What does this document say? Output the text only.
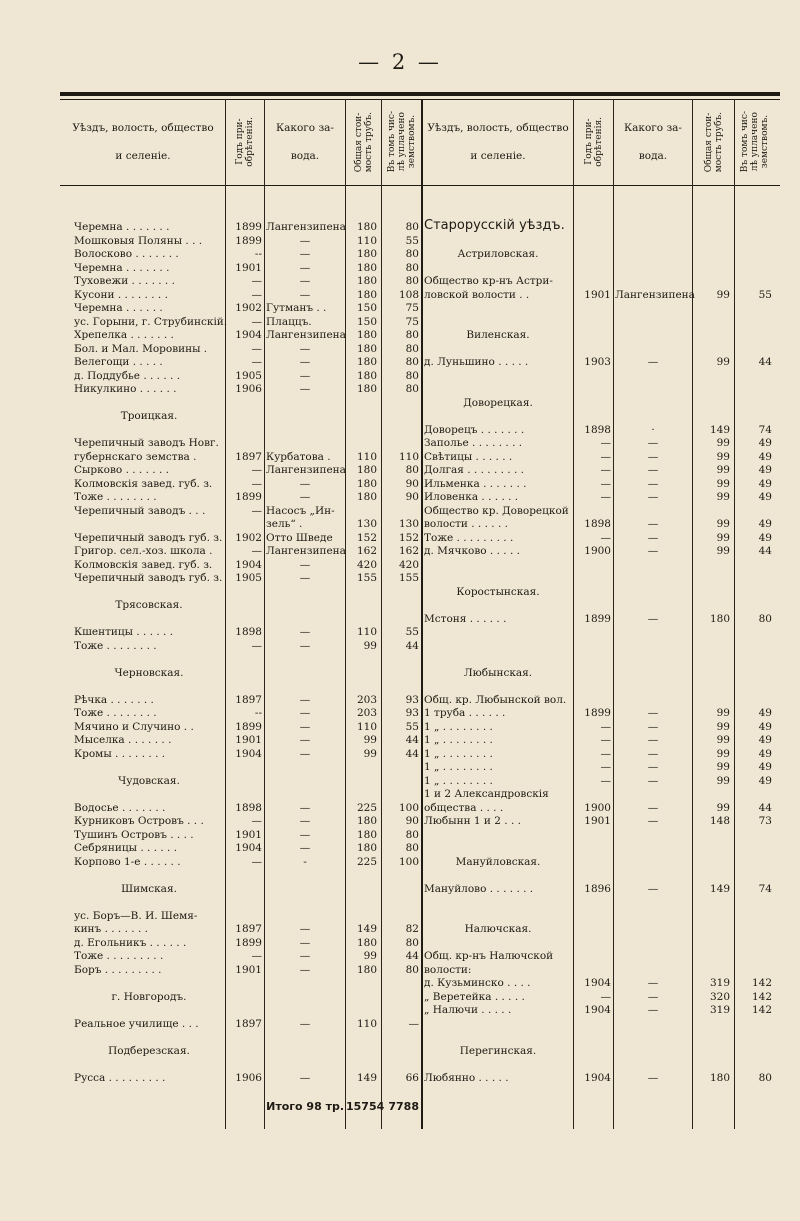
— 2 —
Уѣздъ, волость, общество

и селеніе.	Годъ при-
обрѣтенія.	Какого за-

вода.	Общая стои-
мость трубъ.
Въ томъ чис-
лѣ уплачено
земствомъ.	Уѣздъ, волость, общество

и селеніе.	Годъ при-
обрѣтенія.	Какого за-

вода.	Общая стои-
мость трубъ.
Въ томъ чис-
лѣ уплачено
земствомъ.
Черемна . . . . . . .	1899 Лангензипена	180	80
Мошковыя Поляны . . .	1899	—	110	55
Волосково . . . . . . .	--	—	180	80
Черемна . . . . . . .	1901	—	180	80
Туховежи . . . . . . .	—	—	180	80
Кусони . . . . . . . .	—	—	180	108
Черемна . . . . . .	1902 Гутманъ . .	150	75
ус. Горыни, г. Струбинскій.	— Плаццъ.	150	75
Хрепелка . . . . . . .	1904 Лангензипена	180	80
Бол. и Мал. Моровины .	—	—	180	80
Велегощи . . . . .	—	—	180	80
д. Поддубье . . . . . .	1905	—	180	80
Никулкино . . . . . .	1906	—	180	80
Троицкая.
Черепичный заводъ Новг.
губернскаго земства .	1897 Курбатова .	110	110
Сырково . . . . . . .	— Лангензипена	180	80
Колмовскія завед. губ. з.	—	—	180	90
Тоже . . . . . . . .	1899	—	180	90
Черепичный заводъ . . .	— Насосъ „Ин-
зель“ .	130	130
Черепичный заводъ губ. з.	1902 Отто Шведе	152	152
Григор. сел.-хоз. школа .	— Лангензипена	162	162
Колмовскія завед. губ. з.	1904	—	420	420
Черепичный заводъ губ. з.	1905	—	155	155
Трясовская.
Кшентицы . . . . . .	1898	—	110	55
Тоже . . . . . . . .	—	—	99	44
Черновская.
Рѣчка . . . . . . .	1897	—	203	93
Тоже . . . . . . . .	--	—	203	93
Мячино и Случино . .	1899	—	110	55
Мыселка . . . . . . .	1901	—	99	44
Кромы . . . . . . . .	1904	—	99	44
Чудовская.
Водосье . . . . . . .	1898	—	225	100
Курниковъ Островъ . . .	—	—	180	90
Тушинъ Островъ . . . .	1901	—	180	80
Себряницы . . . . . .	1904	—	180	80
Корпово 1-е . . . . . .	—	-	225	100
Шимская.
ус. Боръ—В. И. Шемя-
кинъ . . . . . . .	1897	—	149	82
д. Егольникъ . . . . . .	1899	—	180	80
Тоже . . . . . . . . .	—	—	99	44
Боръ . . . . . . . . .	1901	—	180	80
г. Новгородъ.
Реальное училище . . .	1897	—	110	—
Подберезская.
Русса . . . . . . . . .	1906	—	149	66
Старорусскій уѣздъ.
Астриловская.
Общество кр-нъ Астри-
ловской волости . .	1901 Лангензипена	99	55
Виленская.
д. Луньшино . . . . .	1903	—	99	44
Доворецкая.
Доворецъ . . . . . . .	1898	·	149	74
Заполье . . . . . . . .	—	—	99	49
Свѣтицы . . . . . .	—	—	99	49
Долгая . . . . . . . . .	—	—	99	49
Ильменка . . . . . . .	—	—	99	49
Иловенка . . . . . .	—	—	99	49
Общество кр. Доворецкой
волости . . . . . .	1898	—	99	49
Тоже . . . . . . . . .	—	—	99	49
д. Мячково . . . . .	1900	—	99	44
Коростынская.
Мстоня . . . . . .	1899	—	180	80
Любынская.
Общ. кр. Любынской вол.
1 труба . . . . . .	1899	—	99	49
1 „ . . . . . . . .	—	—	99	49
1 „ . . . . . . . .	—	—	99	49
1 „ . . . . . . . .	—	—	99	49
1 „ . . . . . . . .	—	—	99	49
1 „ . . . . . . . .	—	—	99	49
1 и 2 Александровскія
общества . . . .	1900	—	99	44
Любынн 1 и 2 . . .	1901	—	148	73
Мануйловская.
Мануйлово . . . . . . .	1896	—	149	74
Налючская.
Общ. кр-нъ Налючской
волости:
д. Кузьминско . . . .	1904	—	319	142
„ Веретейка . . . . .	—	—	320	142
„ Налючи . . . . .	1904	—	319	142
Перегинская.
Любянно . . . . .	1904	—	180	80
Итого 98 тр. 15754 7788
